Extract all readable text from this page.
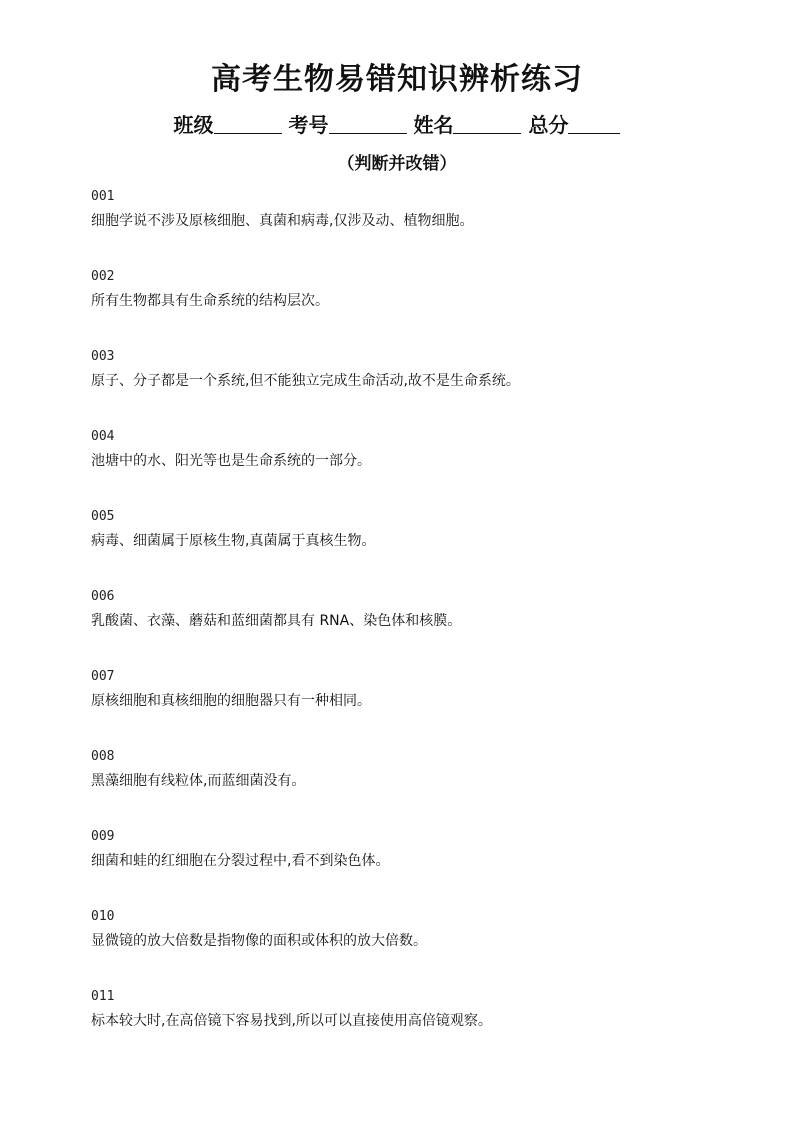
高考生物易错知识辨析练习
班级	考号	姓名	总分
（判断并改错）
001
细胞学说不涉及原核细胞、真菌和病毒,仅涉及动、植物细胞。
002
所有生物都具有生命系统的结构层次。
003
原子、分子都是一个系统,但不能独立完成生命活动,故不是生命系统。
004
池塘中的水、阳光等也是生命系统的一部分。
005
病毒、细菌属于原核生物,真菌属于真核生物。
006
乳酸菌、衣藻、蘑菇和蓝细菌都具有 RNA、染色体和核膜。
007
原核细胞和真核细胞的细胞器只有一种相同。
008
黑藻细胞有线粒体,而蓝细菌没有。
009
细菌和蛙的红细胞在分裂过程中,看不到染色体。
010
显微镜的放大倍数是指物像的面积或体积的放大倍数。
011
标本较大时,在高倍镜下容易找到,所以可以直接使用高倍镜观察。
